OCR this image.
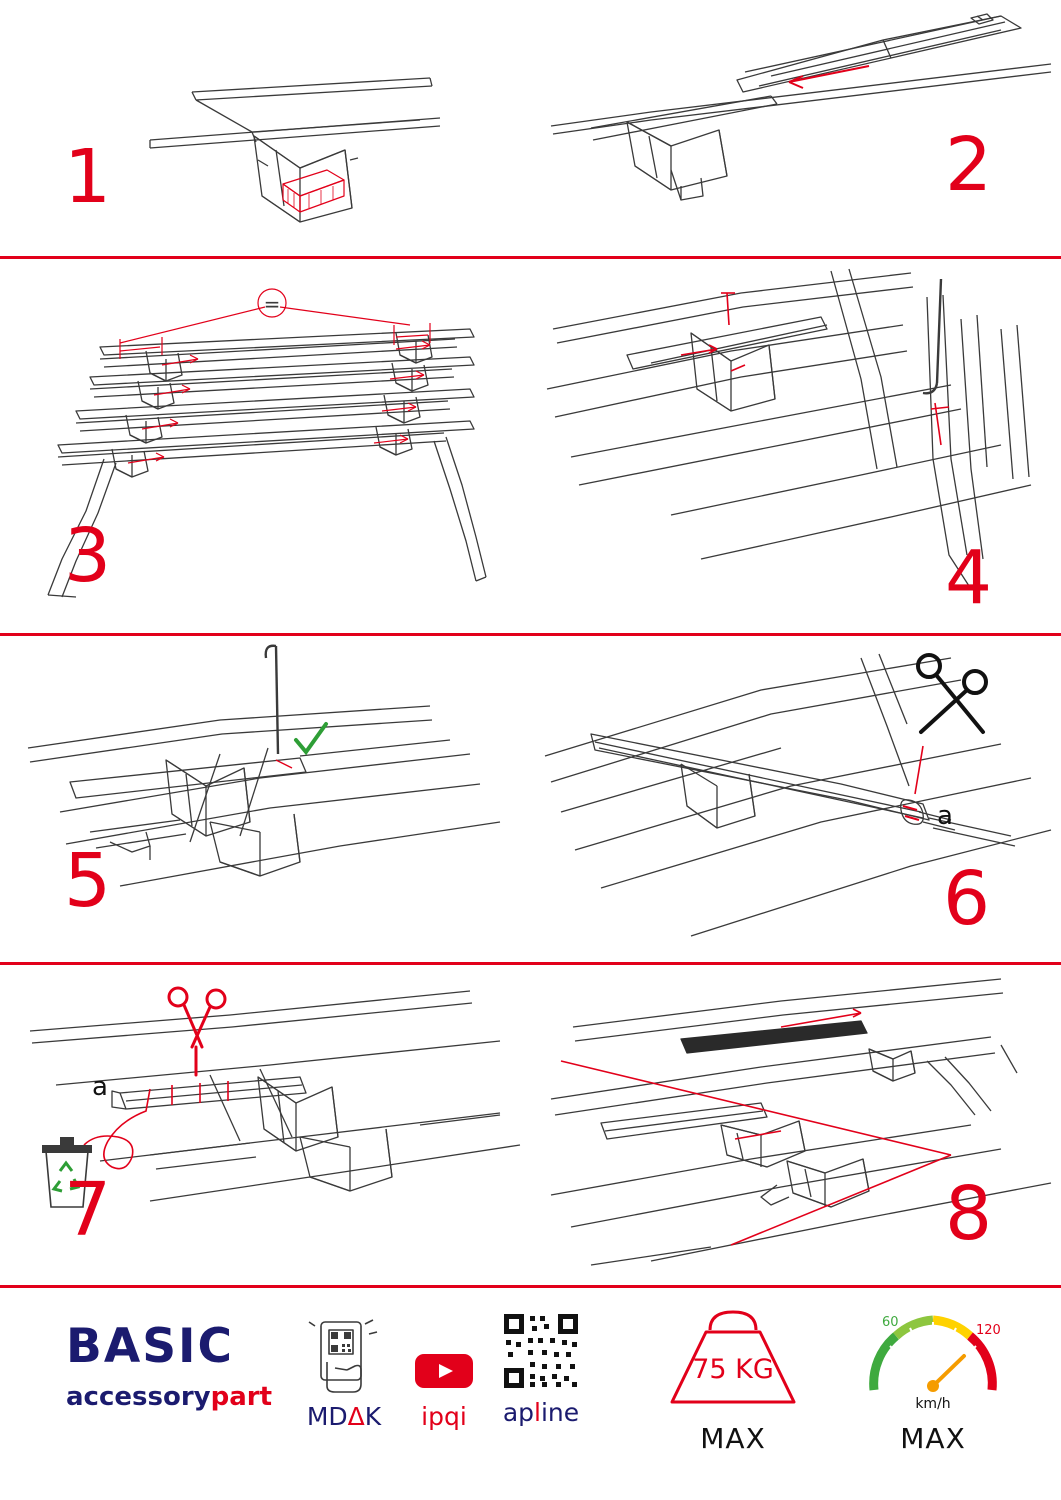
1	2
=
3	4
5
a
6
a
7	8
BASIC
accessorypart
MDΔK	ipqi	apline
75 KG
MAX
60
120
km/h
MAX
